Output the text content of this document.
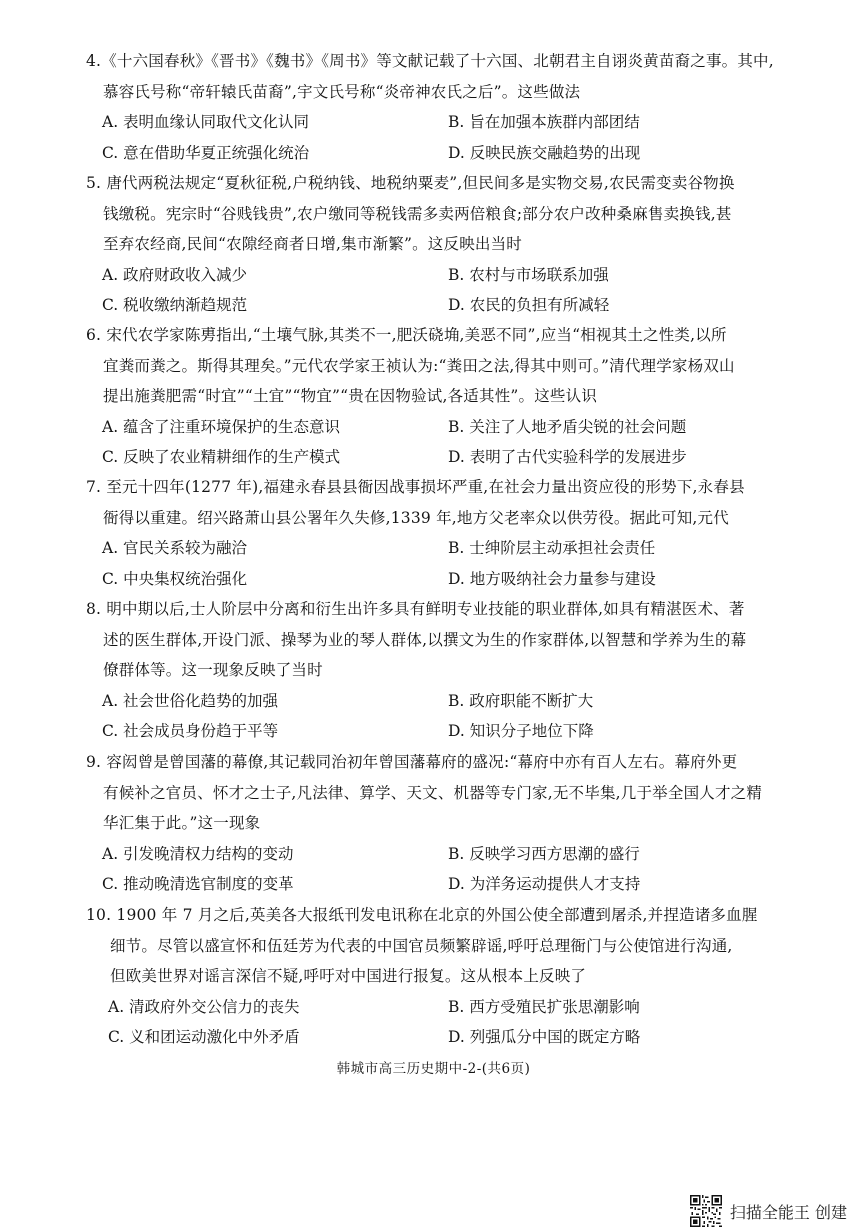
4.《十六国春秋》《晋书》《魏书》《周书》等文献记载了十六国、北朝君主自诩炎黄苗裔之事。其中,
慕容氏号称“帝轩辕氏苗裔”,宇文氏号称“炎帝神农氏之后”。这些做法
A. 表明血缘认同取代文化认同	B. 旨在加强本族群内部团结
C. 意在借助华夏正统强化统治	D. 反映民族交融趋势的出现
5. 唐代两税法规定“夏秋征税,户税纳钱、地税纳粟麦”,但民间多是实物交易,农民需变卖谷物换
钱缴税。宪宗时“谷贱钱贵”,农户缴同等税钱需多卖两倍粮食;部分农户改种桑麻售卖换钱,甚
至弃农经商,民间“农隙经商者日增,集市渐繁”。这反映出当时
A. 政府财政收入减少	B. 农村与市场联系加强
C. 税收缴纳渐趋规范	D. 农民的负担有所减轻
6. 宋代农学家陈旉指出,“土壤气脉,其类不一,肥沃硗埆,美恶不同”,应当“相视其土之性类,以所
宜粪而粪之。斯得其理矣。”元代农学家王祯认为:“粪田之法,得其中则可。”清代理学家杨双山
提出施粪肥需“时宜”“土宜”“物宜”“贵在因物验试,各适其性”。这些认识
A. 蕴含了注重环境保护的生态意识	B. 关注了人地矛盾尖锐的社会问题
C. 反映了农业精耕细作的生产模式	D. 表明了古代实验科学的发展进步
7. 至元十四年(1277 年),福建永春县县衙因战事损坏严重,在社会力量出资应役的形势下,永春县
衙得以重建。绍兴路萧山县公署年久失修,1339 年,地方父老率众以供劳役。据此可知,元代
A. 官民关系较为融洽	B. 士绅阶层主动承担社会责任
C. 中央集权统治强化	D. 地方吸纳社会力量参与建设
8. 明中期以后,士人阶层中分离和衍生出许多具有鲜明专业技能的职业群体,如具有精湛医术、著
述的医生群体,开设门派、操琴为业的琴人群体,以撰文为生的作家群体,以智慧和学养为生的幕
僚群体等。这一现象反映了当时
A. 社会世俗化趋势的加强	B. 政府职能不断扩大
C. 社会成员身份趋于平等	D. 知识分子地位下降
9. 容闳曾是曾国藩的幕僚,其记载同治初年曾国藩幕府的盛况:“幕府中亦有百人左右。幕府外更
有候补之官员、怀才之士子,凡法律、算学、天文、机器等专门家,无不毕集,几于举全国人才之精
华汇集于此。”这一现象
A. 引发晚清权力结构的变动	B. 反映学习西方思潮的盛行
C. 推动晚清选官制度的变革	D. 为洋务运动提供人才支持
10. 1900 年 7 月之后,英美各大报纸刊发电讯称在北京的外国公使全部遭到屠杀,并捏造诸多血腥
细节。尽管以盛宣怀和伍廷芳为代表的中国官员频繁辟谣,呼吁总理衙门与公使馆进行沟通,
但欧美世界对谣言深信不疑,呼吁对中国进行报复。这从根本上反映了
A. 清政府外交公信力的丧失	B. 西方受殖民扩张思潮影响
C. 义和团运动激化中外矛盾	D. 列强瓜分中国的既定方略
韩城市高三历史期中-2-(共6页)
扫描全能王 创建
